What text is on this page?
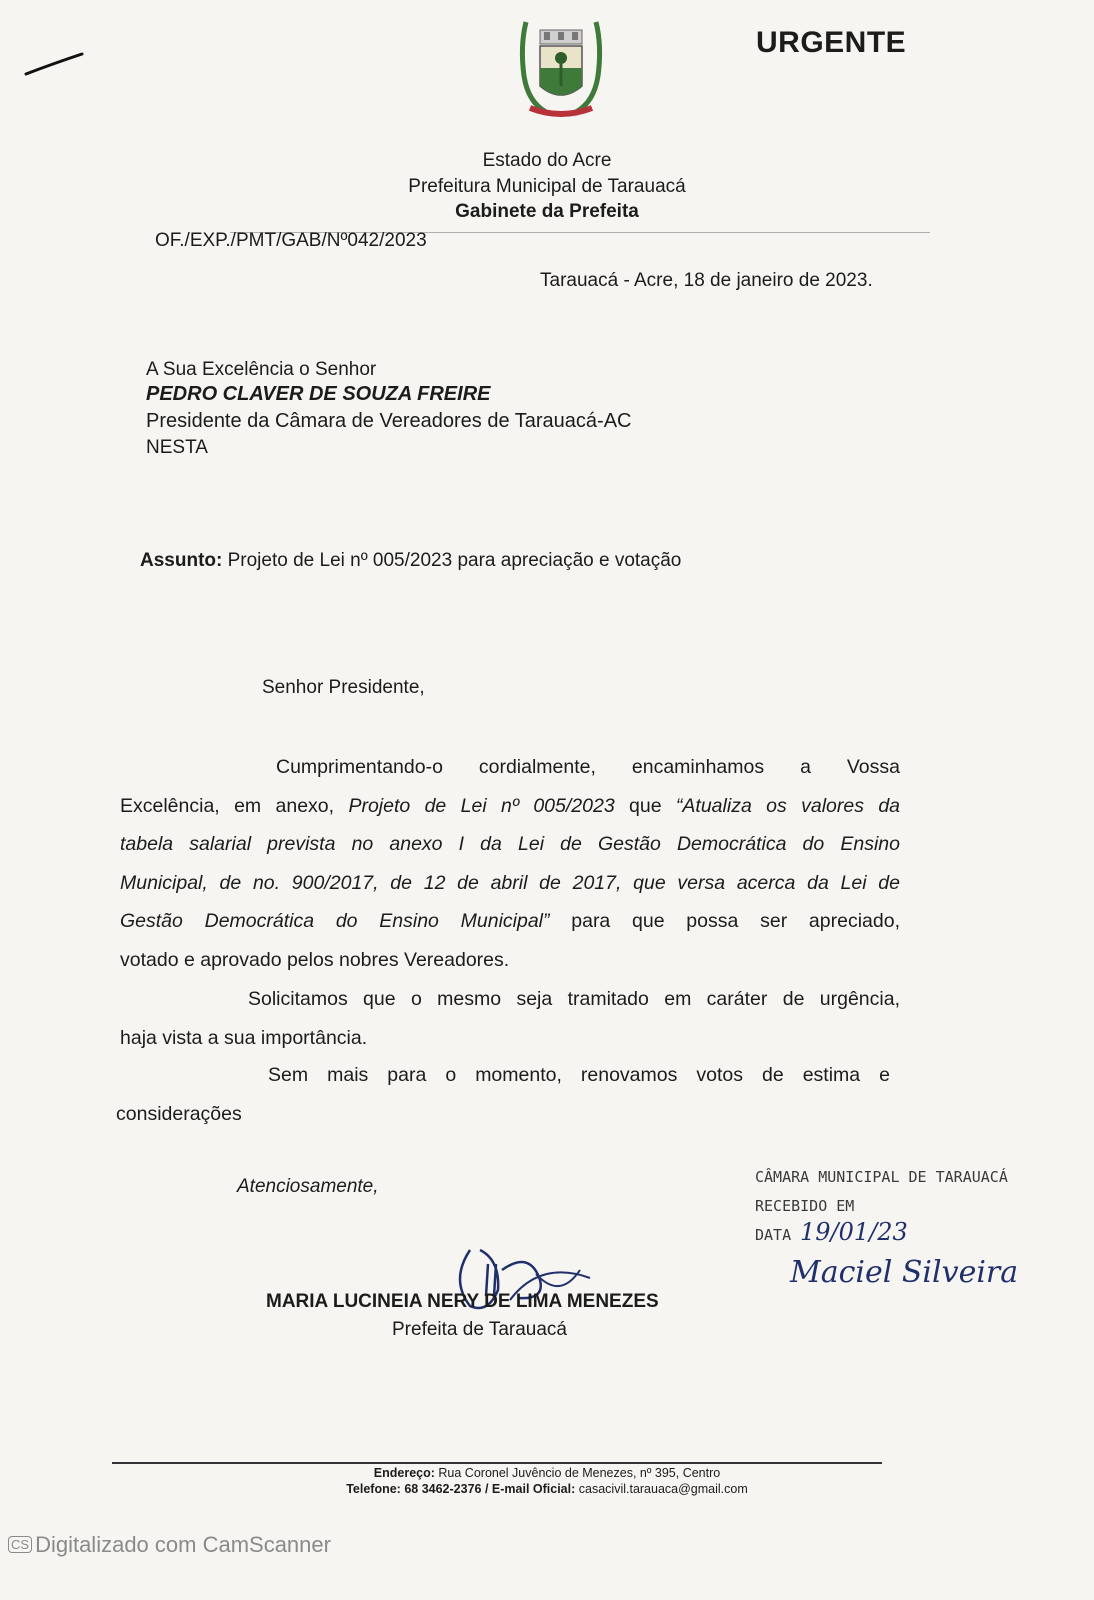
URGENTE
Estado do Acre
Prefeitura Municipal de Tarauacá
Gabinete da Prefeita
OF./EXP./PMT/GAB/Nº042/2023
Tarauacá - Acre, 18 de janeiro de 2023.
A Sua Excelência o Senhor
PEDRO CLAVER DE SOUZA FREIRE
Presidente da Câmara de Vereadores de Tarauacá-AC
NESTA
Assunto: Projeto de Lei nº 005/2023 para apreciação e votação
Senhor Presidente,
Cumprimentando-o cordialmente, encaminhamos a Vossa
Excelência, em anexo, Projeto de Lei nº 005/2023 que “Atualiza os valores da
tabela salarial prevista no anexo I da Lei de Gestão Democrática do Ensino
Municipal, de no. 900/2017, de 12 de abril de 2017, que versa acerca da Lei de
Gestão Democrática do Ensino Municipal” para que possa ser apreciado,
votado e aprovado pelos nobres Vereadores.
Solicitamos que o mesmo seja tramitado em caráter de urgência,
haja vista a sua importância.
Sem mais para o momento, renovamos votos de estima e
considerações
Atenciosamente,
MARIA LUCINEIA NERY DE LIMA MENEZES
Prefeita de Tarauacá
CÂMARA MUNICIPAL DE TARAUACÁ
RECEBIDO EM
DATA 19/01/23
Maciel Silveira
Endereço: Rua Coronel Juvêncio de Menezes, nº 395, Centro
Telefone: 68 3462-2376 / E-mail Oficial: casacivil.tarauaca@gmail.com
CS Digitalizado com CamScanner
